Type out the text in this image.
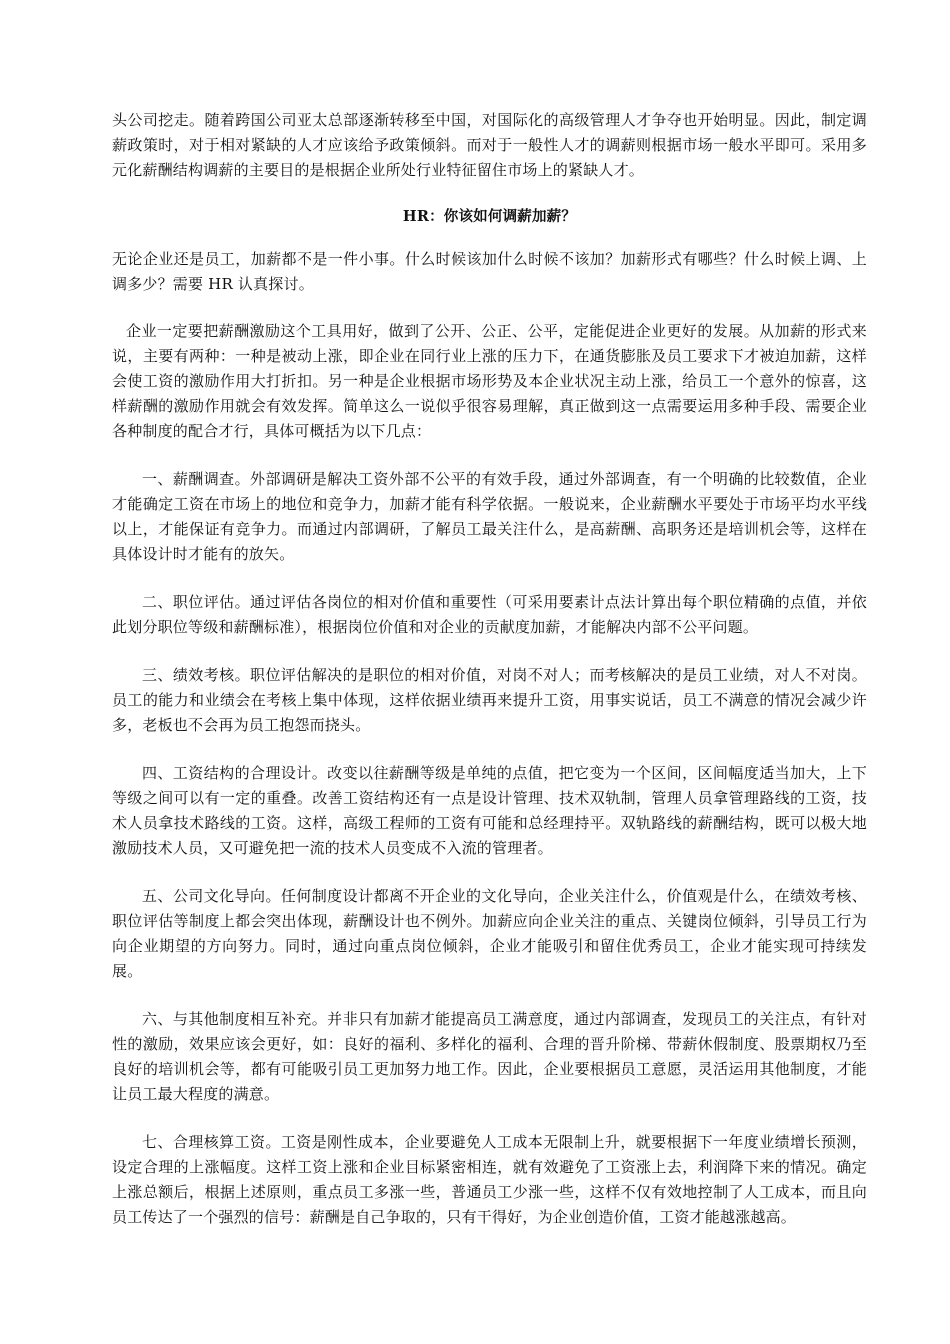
头公司挖走。随着跨国公司亚太总部逐渐转移至中国，对国际化的高级管理人才争夺也开始明显。因此，制定调薪政策时，对于相对紧缺的人才应该给予政策倾斜。而对于一般性人才的调薪则根据市场一般水平即可。采用多元化薪酬结构调薪的主要目的是根据企业所处行业特征留住市场上的紧缺人才。

HR：你该如何调薪加薪？

无论企业还是员工，加薪都不是一件小事。什么时候该加什么时候不该加？加薪形式有哪些？什么时候上调、上调多少？需要 HR 认真探讨。

企业一定要把薪酬激励这个工具用好，做到了公开、公正、公平，定能促进企业更好的发展。从加薪的形式来说，主要有两种：一种是被动上涨，即企业在同行业上涨的压力下，在通货膨胀及员工要求下才被迫加薪，这样会使工资的激励作用大打折扣。另一种是企业根据市场形势及本企业状况主动上涨，给员工一个意外的惊喜，这样薪酬的激励作用就会有效发挥。简单这么一说似乎很容易理解，真正做到这一点需要运用多种手段、需要企业各种制度的配合才行，具体可概括为以下几点：

一、薪酬调查。外部调研是解决工资外部不公平的有效手段，通过外部调查，有一个明确的比较数值，企业才能确定工资在市场上的地位和竞争力，加薪才能有科学依据。一般说来，企业薪酬水平要处于市场平均水平线以上，才能保证有竞争力。而通过内部调研，了解员工最关注什么，是高薪酬、高职务还是培训机会等，这样在具体设计时才能有的放矢。

二、职位评估。通过评估各岗位的相对价值和重要性（可采用要素计点法计算出每个职位精确的点值，并依此划分职位等级和薪酬标准），根据岗位价值和对企业的贡献度加薪，才能解决内部不公平问题。

三、绩效考核。职位评估解决的是职位的相对价值，对岗不对人；而考核解决的是员工业绩，对人不对岗。员工的能力和业绩会在考核上集中体现，这样依据业绩再来提升工资，用事实说话，员工不满意的情况会减少许多，老板也不会再为员工抱怨而挠头。

四、工资结构的合理设计。改变以往薪酬等级是单纯的点值，把它变为一个区间，区间幅度适当加大，上下等级之间可以有一定的重叠。改善工资结构还有一点是设计管理、技术双轨制，管理人员拿管理路线的工资，技术人员拿技术路线的工资。这样，高级工程师的工资有可能和总经理持平。双轨路线的薪酬结构，既可以极大地激励技术人员，又可避免把一流的技术人员变成不入流的管理者。

五、公司文化导向。任何制度设计都离不开企业的文化导向，企业关注什么，价值观是什么，在绩效考核、职位评估等制度上都会突出体现，薪酬设计也不例外。加薪应向企业关注的重点、关键岗位倾斜，引导员工行为向企业期望的方向努力。同时，通过向重点岗位倾斜，企业才能吸引和留住优秀员工，企业才能实现可持续发展。

六、与其他制度相互补充。并非只有加薪才能提高员工满意度，通过内部调查，发现员工的关注点，有针对性的激励，效果应该会更好，如：良好的福利、多样化的福利、合理的晋升阶梯、带薪休假制度、股票期权乃至良好的培训机会等，都有可能吸引员工更加努力地工作。因此，企业要根据员工意愿，灵活运用其他制度，才能让员工最大程度的满意。

七、合理核算工资。工资是刚性成本，企业要避免人工成本无限制上升，就要根据下一年度业绩增长预测，设定合理的上涨幅度。这样工资上涨和企业目标紧密相连，就有效避免了工资涨上去，利润降下来的情况。确定上涨总额后，根据上述原则，重点员工多涨一些，普通员工少涨一些，这样不仅有效地控制了人工成本，而且向员工传达了一个强烈的信号：薪酬是自己争取的，只有干得好，为企业创造价值，工资才能越涨越高。
